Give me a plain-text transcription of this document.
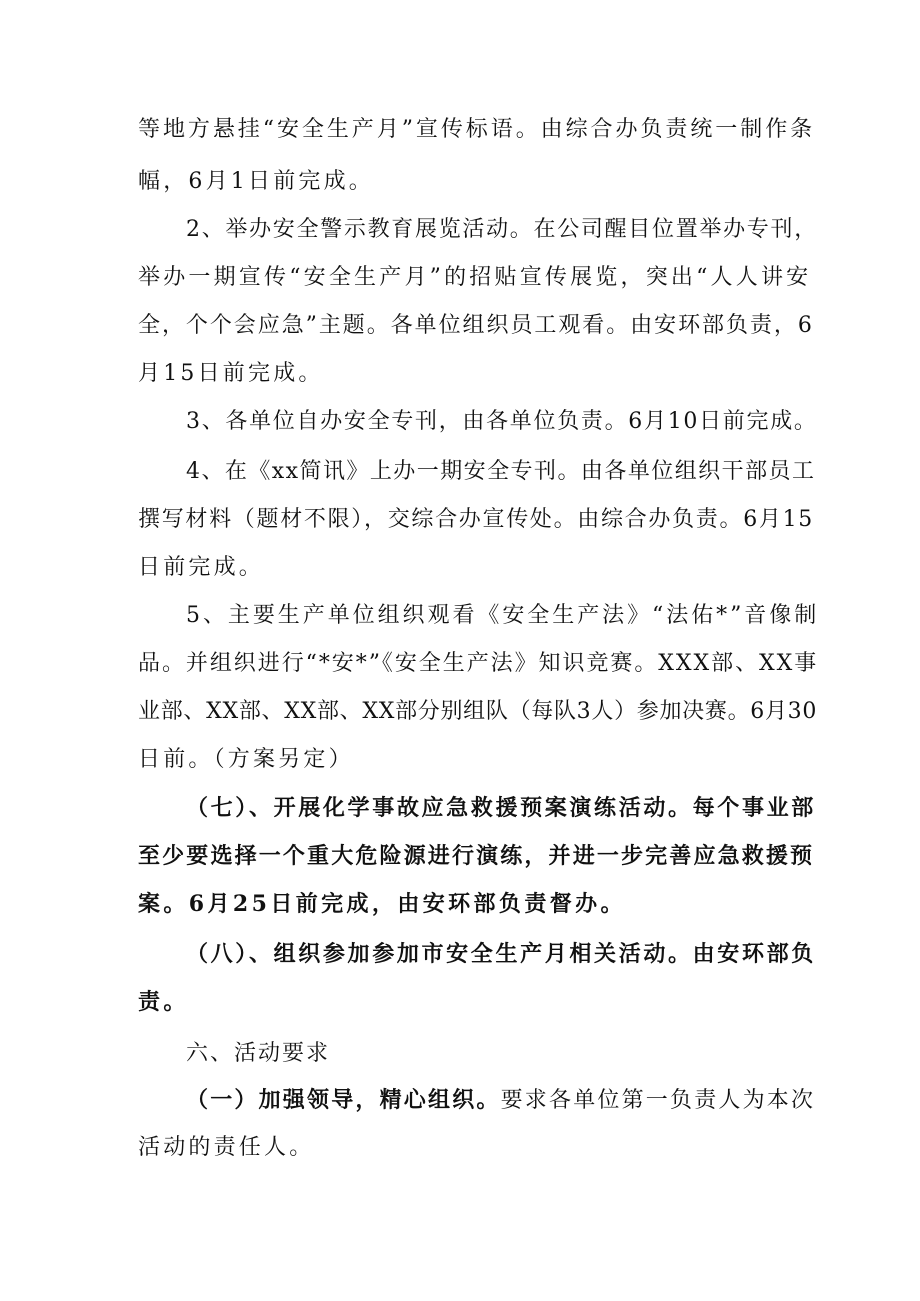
等地方悬挂“安全生产月”宣传标语。由综合办负责统一制作条
幅，6月1日前完成。
2、举办安全警示教育展览活动。在公司醒目位置举办专刊，
举办一期宣传“安全生产月”的招贴宣传展览，突出“人人讲安
全，个个会应急”主题。各单位组织员工观看。由安环部负责，6
月15日前完成。
3、各单位自办安全专刊，由各单位负责。6月10日前完成。
4、在《xx简讯》上办一期安全专刊。由各单位组织干部员工
撰写材料（题材不限），交综合办宣传处。由综合办负责。6月15
日前完成。
5、主要生产单位组织观看《安全生产法》“法佑*”音像制
品。并组织进行“*安*”《安全生产法》知识竞赛。XXX部、XX事
业部、XX部、XX部、XX部分别组队（每队3人）参加决赛。6月30
日前。（方案另定）
（七）、开展化学事故应急救援预案演练活动。每个事业部
至少要选择一个重大危险源进行演练，并进一步完善应急救援预
案。6月25日前完成，由安环部负责督办。
（八）、组织参加参加市安全生产月相关活动。由安环部负
责。
六、活动要求
（一）加强领导，精心组织。要求各单位第一负责人为本次
活动的责任人。
